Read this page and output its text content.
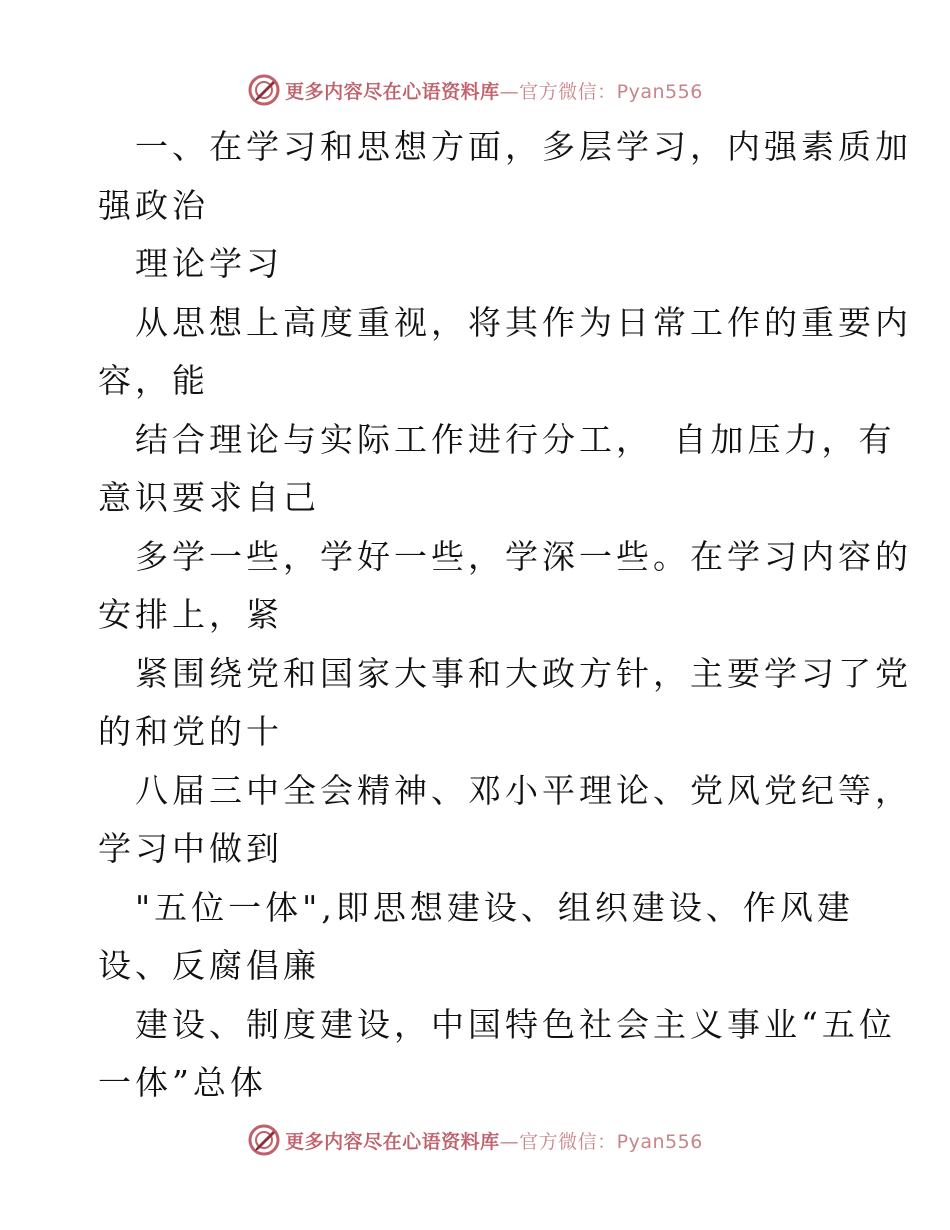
更多内容尽在心语资料库—官方微信：Pyan556
一、在学习和思想方面，多层学习，内强素质加
强政治
理论学习
从思想上高度重视，将其作为日常工作的重要内
容，能
结合理论与实际工作进行分工，　自加压力，有
意识要求自己
多学一些，学好一些，学深一些。在学习内容的
安排上，紧
紧围绕党和国家大事和大政方针，主要学习了党
的和党的十
八届三中全会精神、邓小平理论、党风党纪等，
学习中做到
"五位一体",即思想建设、组织建设、作风建
设、反腐倡廉
建设、制度建设，中国特色社会主义事业“五位
一体”总体
更多内容尽在心语资料库—官方微信：Pyan556
